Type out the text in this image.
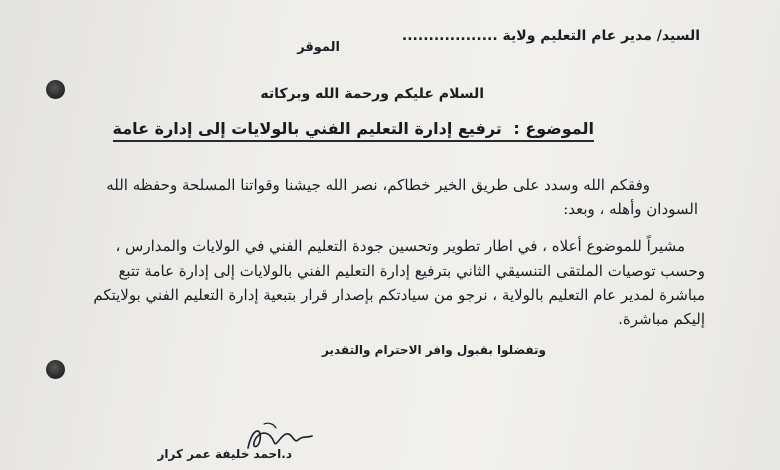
السيد/ مدير عام التعليم ولاية ..................
الموقر
السلام عليكم ورحمة الله وبركاته
الموضوع : ترفيع إدارة التعليم الفني بالولايات إلى إدارة عامة
وفقكم الله وسدد على طريق الخير خطاكم، نصر الله جيشنا وقواتنا المسلحة وحفظه الله
السودان وأهله ، وبعد:
مشيراً للموضوع أعلاه ، في اطار تطوير وتحسين جودة التعليم الفني في الولايات والمدارس ،
وحسب توصيات الملتقى التنسيقي الثاني بترفيع إدارة التعليم الفني بالولايات إلى إدارة عامة تتبع
مباشرة لمدير عام التعليم بالولاية ، نرجو من سيادتكم بإصدار قرار بتبعية إدارة التعليم الفني بولايتكم
إليكم مباشرة.
وتفضلوا بقبول وافر الاحترام والتقدير
د.احمد خليفة عمر كرار
